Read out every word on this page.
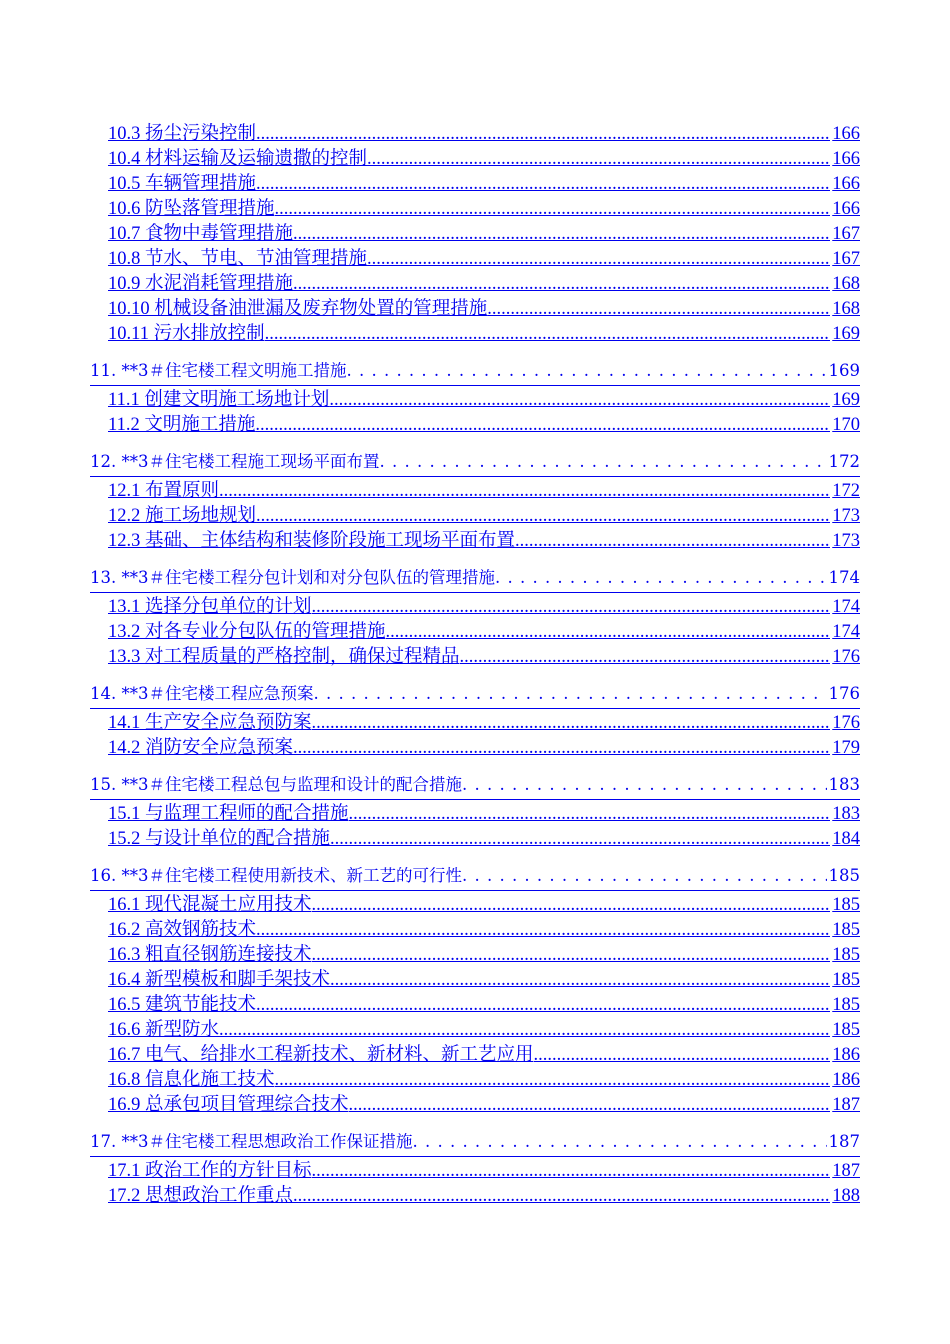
10.3 扬尘污染控制 .....	166
10.4 材料运输及运输遗撒的控制 .....	166
10.5 车辆管理措施 .....	166
10.6 防坠落管理措施 .....	166
10.7 食物中毒管理措施 .....	167
10.8 节水、节电、节油管理措施 .....	167
10.9 水泥消耗管理措施 .....	168
10.10 机械设备油泄漏及废弃物处置的管理措施 .....	168
10.11 污水排放控制 .....	169
11. **3＃住宅楼工程文明施工措施 . . .	169
11.1 创建文明施工场地计划 .....	169
11.2 文明施工措施 .....	170
12. **3＃住宅楼工程施工现场平面布置 . . .	172
12.1 布置原则 .....	172
12.2 施工场地规划 .....	173
12.3 基础、主体结构和装修阶段施工现场平面布置 .....	173
13. **3＃住宅楼工程分包计划和对分包队伍的管理措施 . . .	174
13.1 选择分包单位的计划 .....	174
13.2 对各专业分包队伍的管理措施 .....	174
13.3 对工程质量的严格控制，确保过程精品 .....	176
14. **3＃住宅楼工程应急预案 . . .	176
14.1 生产安全应急预防案 .....	176
14.2 消防安全应急预案 .....	179
15. **3＃住宅楼工程总包与监理和设计的配合措施 . . .	183
15.1 与监理工程师的配合措施 .....	183
15.2 与设计单位的配合措施 .....	184
16. **3＃住宅楼工程使用新技术、新工艺的可行性 . . .	185
16.1 现代混凝土应用技术 .....	185
16.2 高效钢筋技术 .....	185
16.3 粗直径钢筋连接技术 .....	185
16.4 新型模板和脚手架技术 .....	185
16.5 建筑节能技术 .....	185
16.6 新型防水 .....	185
16.7 电气、给排水工程新技术、新材料、新工艺应用 .....	186
16.8 信息化施工技术 .....	186
16.9 总承包项目管理综合技术 .....	187
17. **3＃住宅楼工程思想政治工作保证措施 . . .	187
17.1 政治工作的方针目标 .....	187
17.2 思想政治工作重点 .....	188
